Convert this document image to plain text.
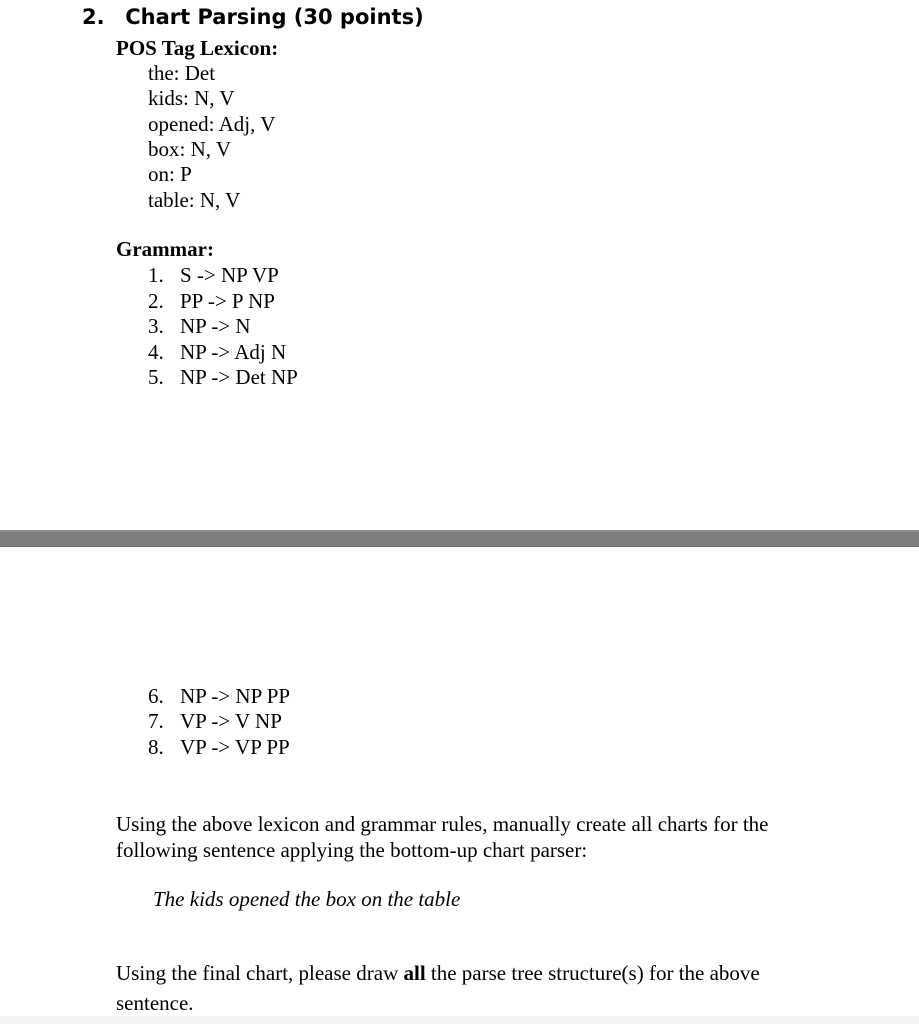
2. Chart Parsing (30 points)
POS Tag Lexicon:
the: Det
kids: N, V
opened: Adj, V
box: N, V
on: P
table: N, V
Grammar:
1. S -> NP VP
2. PP -> P NP
3. NP -> N
4. NP -> Adj N
5. NP -> Det NP
6. NP -> NP PP
7. VP -> V NP
8. VP -> VP PP
Using the above lexicon and grammar rules, manually create all charts for the following sentence applying the bottom-up chart parser:
The kids opened the box on the table
Using the final chart, please draw all the parse tree structure(s) for the above sentence.
